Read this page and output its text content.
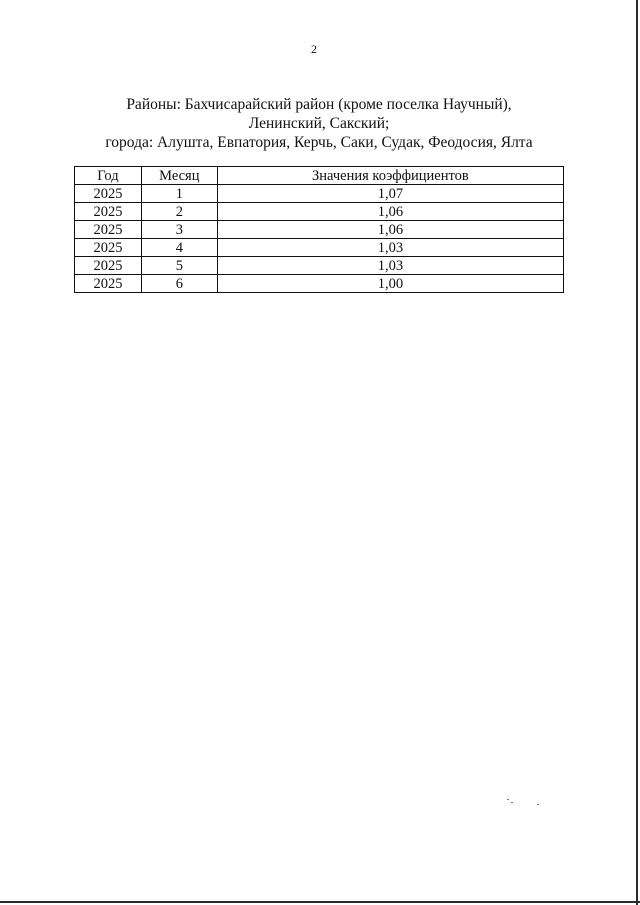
2
Районы: Бахчисарайский район (кроме поселка Научный),
Ленинский, Сакский;
города: Алушта, Евпатория, Керчь, Саки, Судак, Феодосия, Ялта
Год	Месяц	Значения коэффициентов
2025	1	1,07
2025	2	1,06
2025	3	1,06
2025	4	1,03
2025	5	1,03
2025	6	1,00
